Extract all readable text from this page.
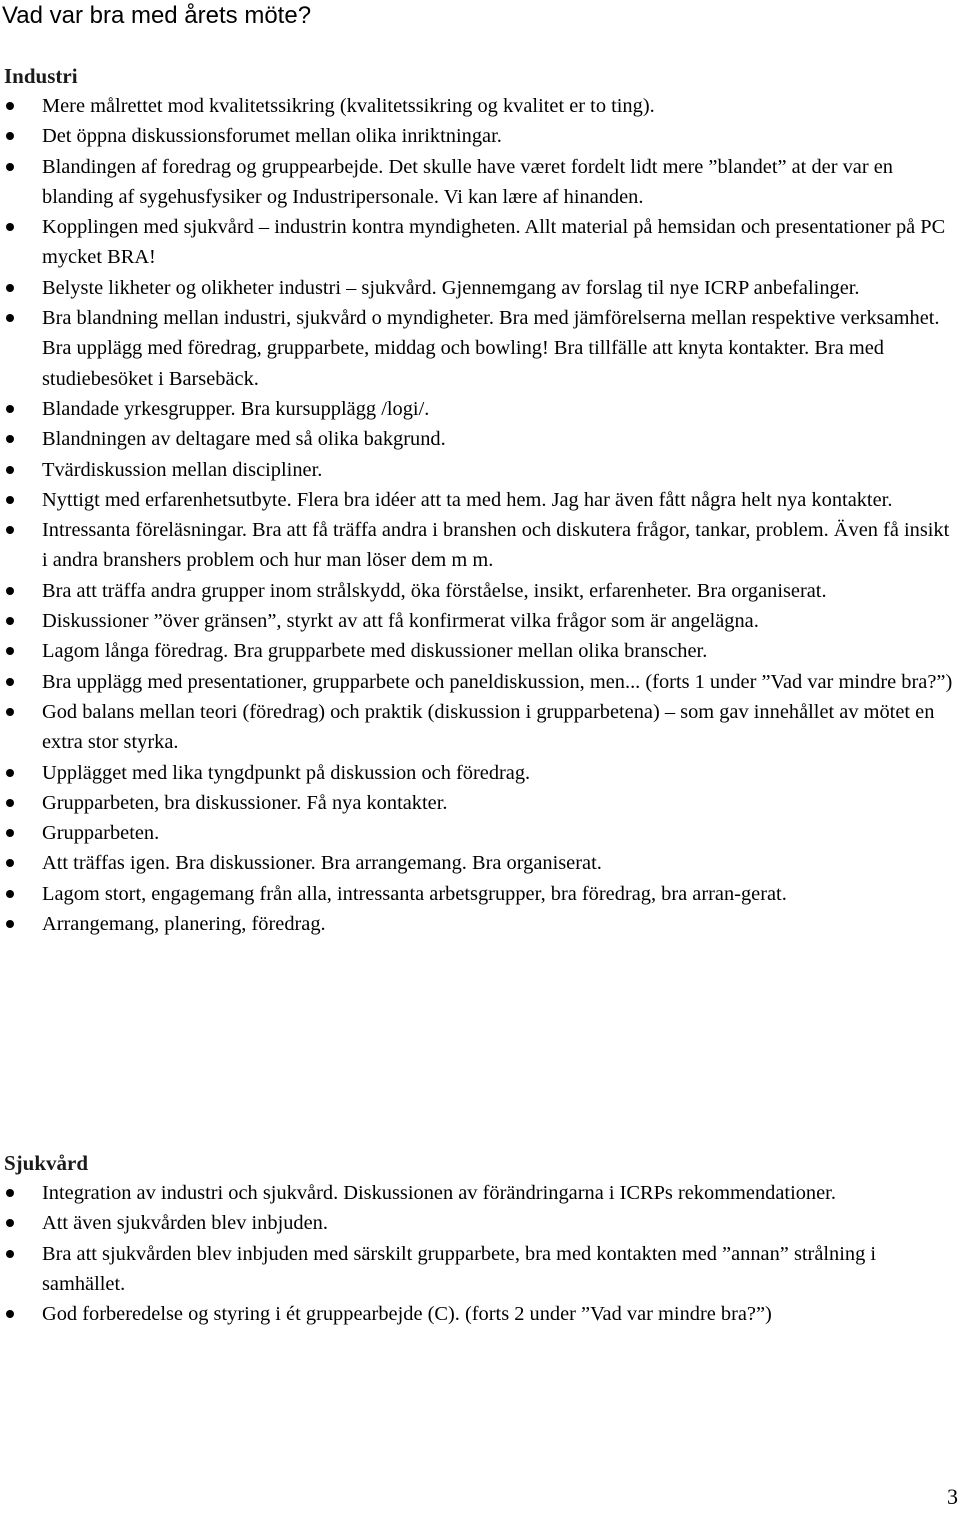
Vad var bra med årets möte?
Industri
Mere målrettet mod kvalitetssikring (kvalitetssikring og kvalitet er to ting).
Det öppna diskussionsforumet mellan olika inriktningar.
Blandingen af foredrag og gruppearbejde. Det skulle have været fordelt lidt mere ”blandet” at der var en blanding af sygehusfysiker og Industripersonale. Vi kan lære af hinanden.
Kopplingen med sjukvård – industrin kontra myndigheten. Allt material på hemsidan och presentationer på PC mycket BRA!
Belyste likheter og olikheter industri – sjukvård. Gjennemgang av forslag til nye ICRP anbefalinger.
Bra blandning mellan industri, sjukvård o myndigheter. Bra med jämförelserna mellan respektive verksamhet. Bra upplägg med föredrag, grupparbete, middag och bowling! Bra tillfälle att knyta kontakter. Bra med studiebesöket i Barsebäck.
Blandade yrkesgrupper. Bra kursupplägg /logi/.
Blandningen av deltagare med så olika bakgrund.
Tvärdiskussion mellan discipliner.
Nyttigt med erfarenhetsutbyte. Flera bra idéer att ta med hem. Jag har även fått några helt nya kontakter.
Intressanta föreläsningar. Bra att få träffa andra i branshen och diskutera frågor, tankar, problem. Även få insikt i andra branshers problem och hur man löser dem m m.
Bra att träffa andra grupper inom strålskydd, öka förståelse, insikt, erfarenheter. Bra organiserat.
Diskussioner ”över gränsen”, styrkt av att få konfirmerat vilka frågor som är angelägna.
Lagom långa föredrag. Bra grupparbete med diskussioner mellan olika branscher.
Bra upplägg med presentationer, grupparbete och paneldiskussion, men... (forts 1 under ”Vad var mindre bra?”)
God balans mellan teori (föredrag) och praktik (diskussion i grupparbetena) – som gav innehållet av mötet en extra stor styrka.
Upplägget med lika tyngdpunkt på diskussion och föredrag.
Grupparbeten, bra diskussioner. Få nya kontakter.
Grupparbeten.
Att träffas igen. Bra diskussioner. Bra arrangemang. Bra organiserat.
Lagom stort, engagemang från alla, intressanta arbetsgrupper, bra föredrag, bra arran-gerat.
Arrangemang, planering, föredrag.
Sjukvård
Integration av industri och sjukvård. Diskussionen av förändringarna i ICRPs rekommendationer.
Att även sjukvården blev inbjuden.
Bra att sjukvården blev inbjuden med särskilt grupparbete, bra med kontakten med ”annan” strålning i samhället.
God forberedelse og styring i ét gruppearbejde (C). (forts 2 under ”Vad var mindre bra?”)
3
